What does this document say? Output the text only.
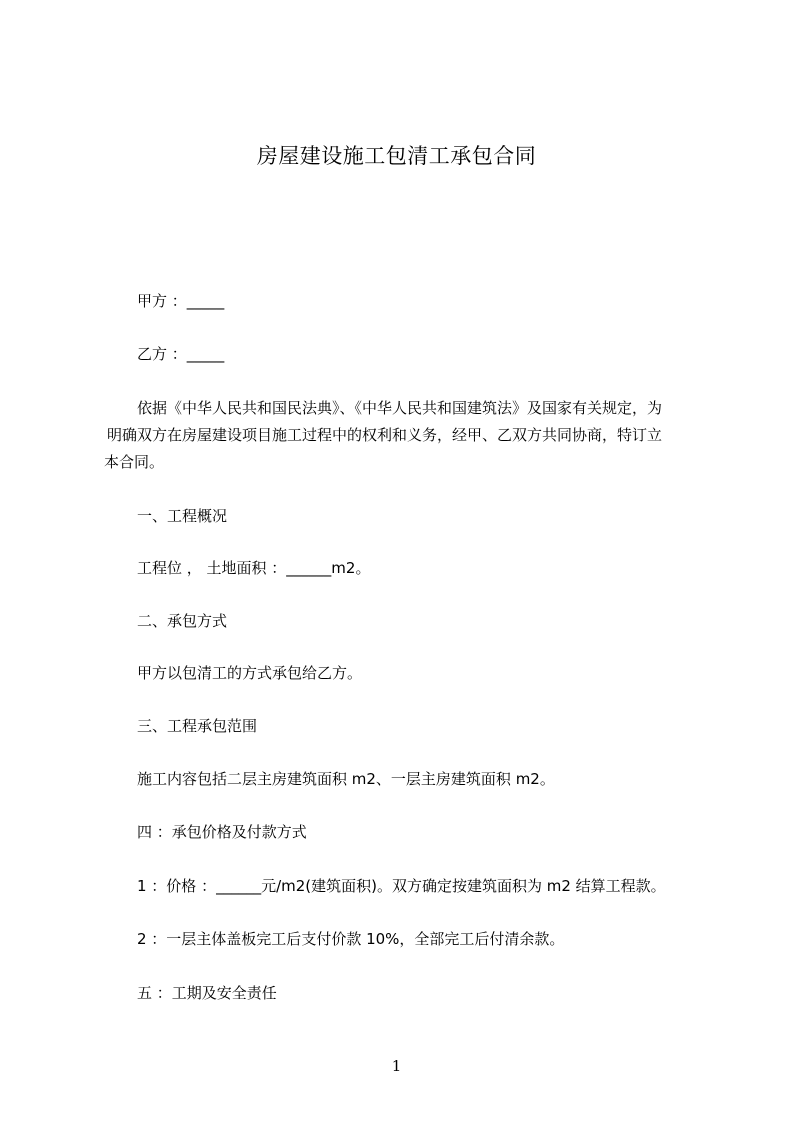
房屋建设施工包清工承包合同
甲方 ：_____
乙方 ：_____
依据《中华人民共和国民法典》、《中华人民共和国建筑法》及国家有关规定，为
明确双方在房屋建设项目施工过程中的权利和义务，经甲、乙双方共同协商，特订立
本合同。
一、工程概况
工程位 ， 土地面积 ：______m2。
二、承包方式
甲方以包清工的方式承包给乙方。
三、工程承包范围
施工内容包括二层主房建筑面积 m2、一层主房建筑面积 m2。
四 ：承包价格及付款方式
1 ：价格 ：______元/m2(建筑面积)。双方确定按建筑面积为 m2 结算工程款。
2 ：一层主体盖板完工后支付价款 10%，全部完工后付清余款。
五 ：工期及安全责任
1
